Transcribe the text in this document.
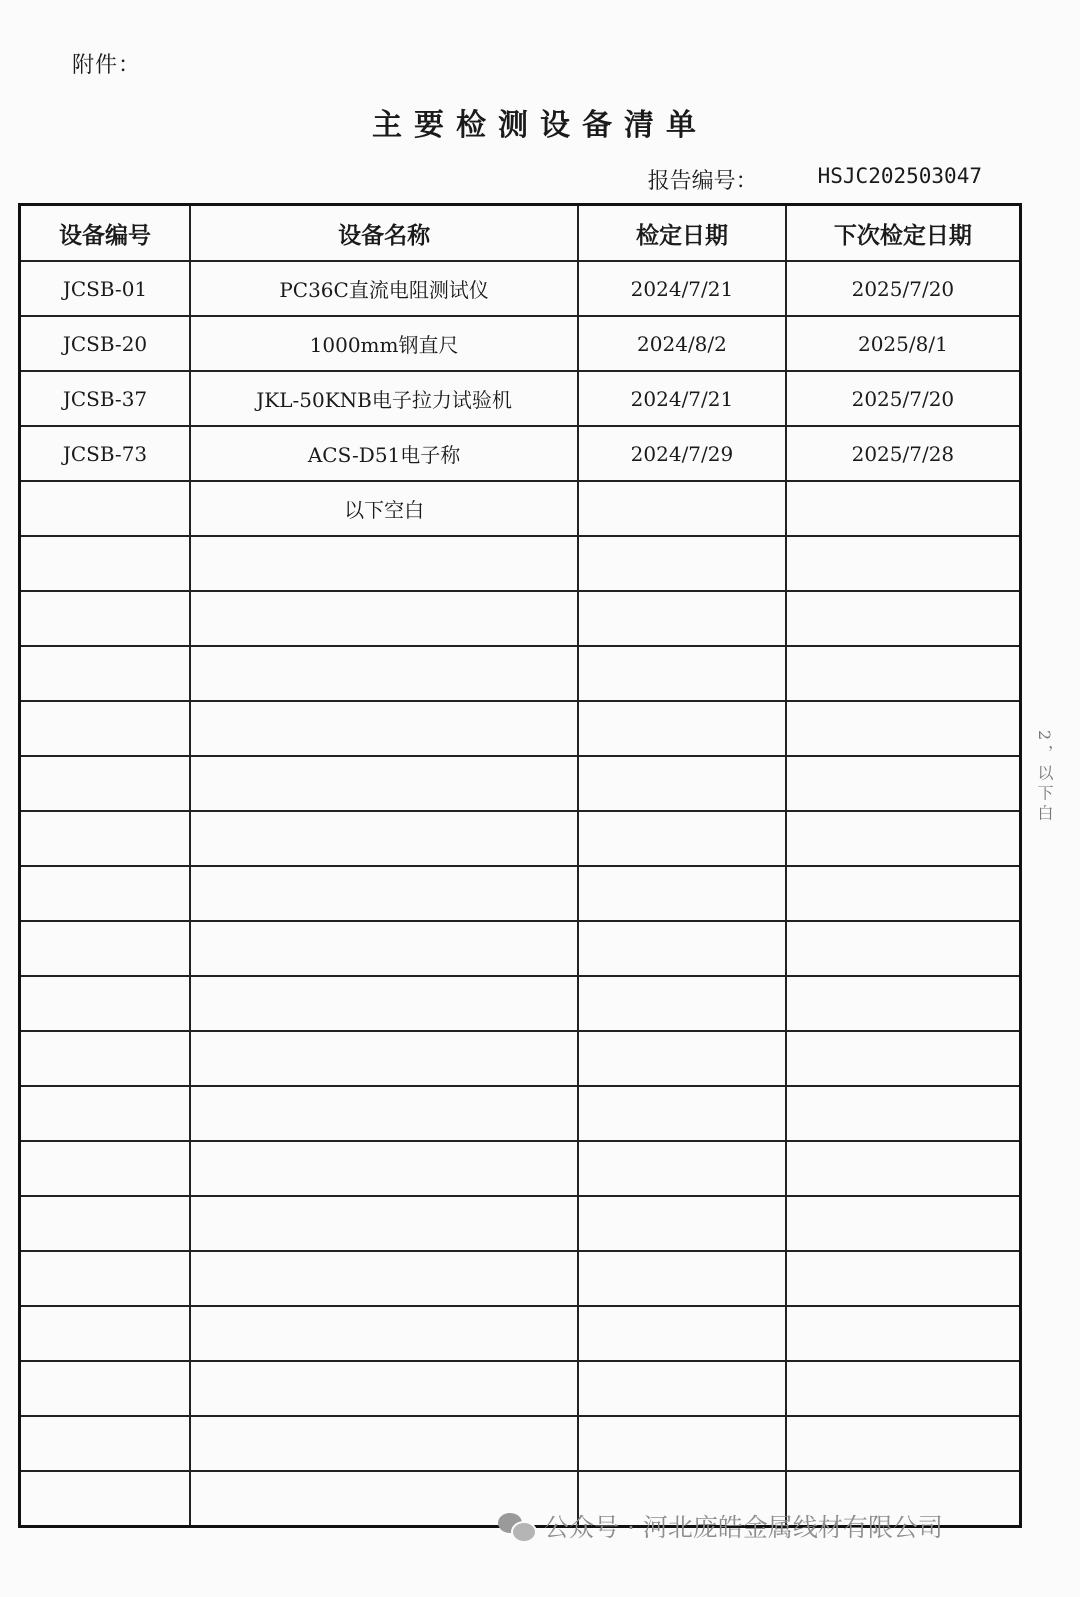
附件：
主要检测设备清单
报告编号：	HSJC202503047
设备编号	设备名称	检定日期	下次检定日期
JCSB-01	PC36C直流电阻测试仪	2024/7/21	2025/7/20
JCSB-20	1000mm钢直尺	2024/8/2	2025/8/1
JCSB-37	JKL-50KNB电子拉力试验机	2024/7/21	2025/7/20
JCSB-73	ACS-D51电子称	2024/7/29	2025/7/28
	以下空白		

2，以下白
公众号 · 河北庞皓金属线材有限公司
